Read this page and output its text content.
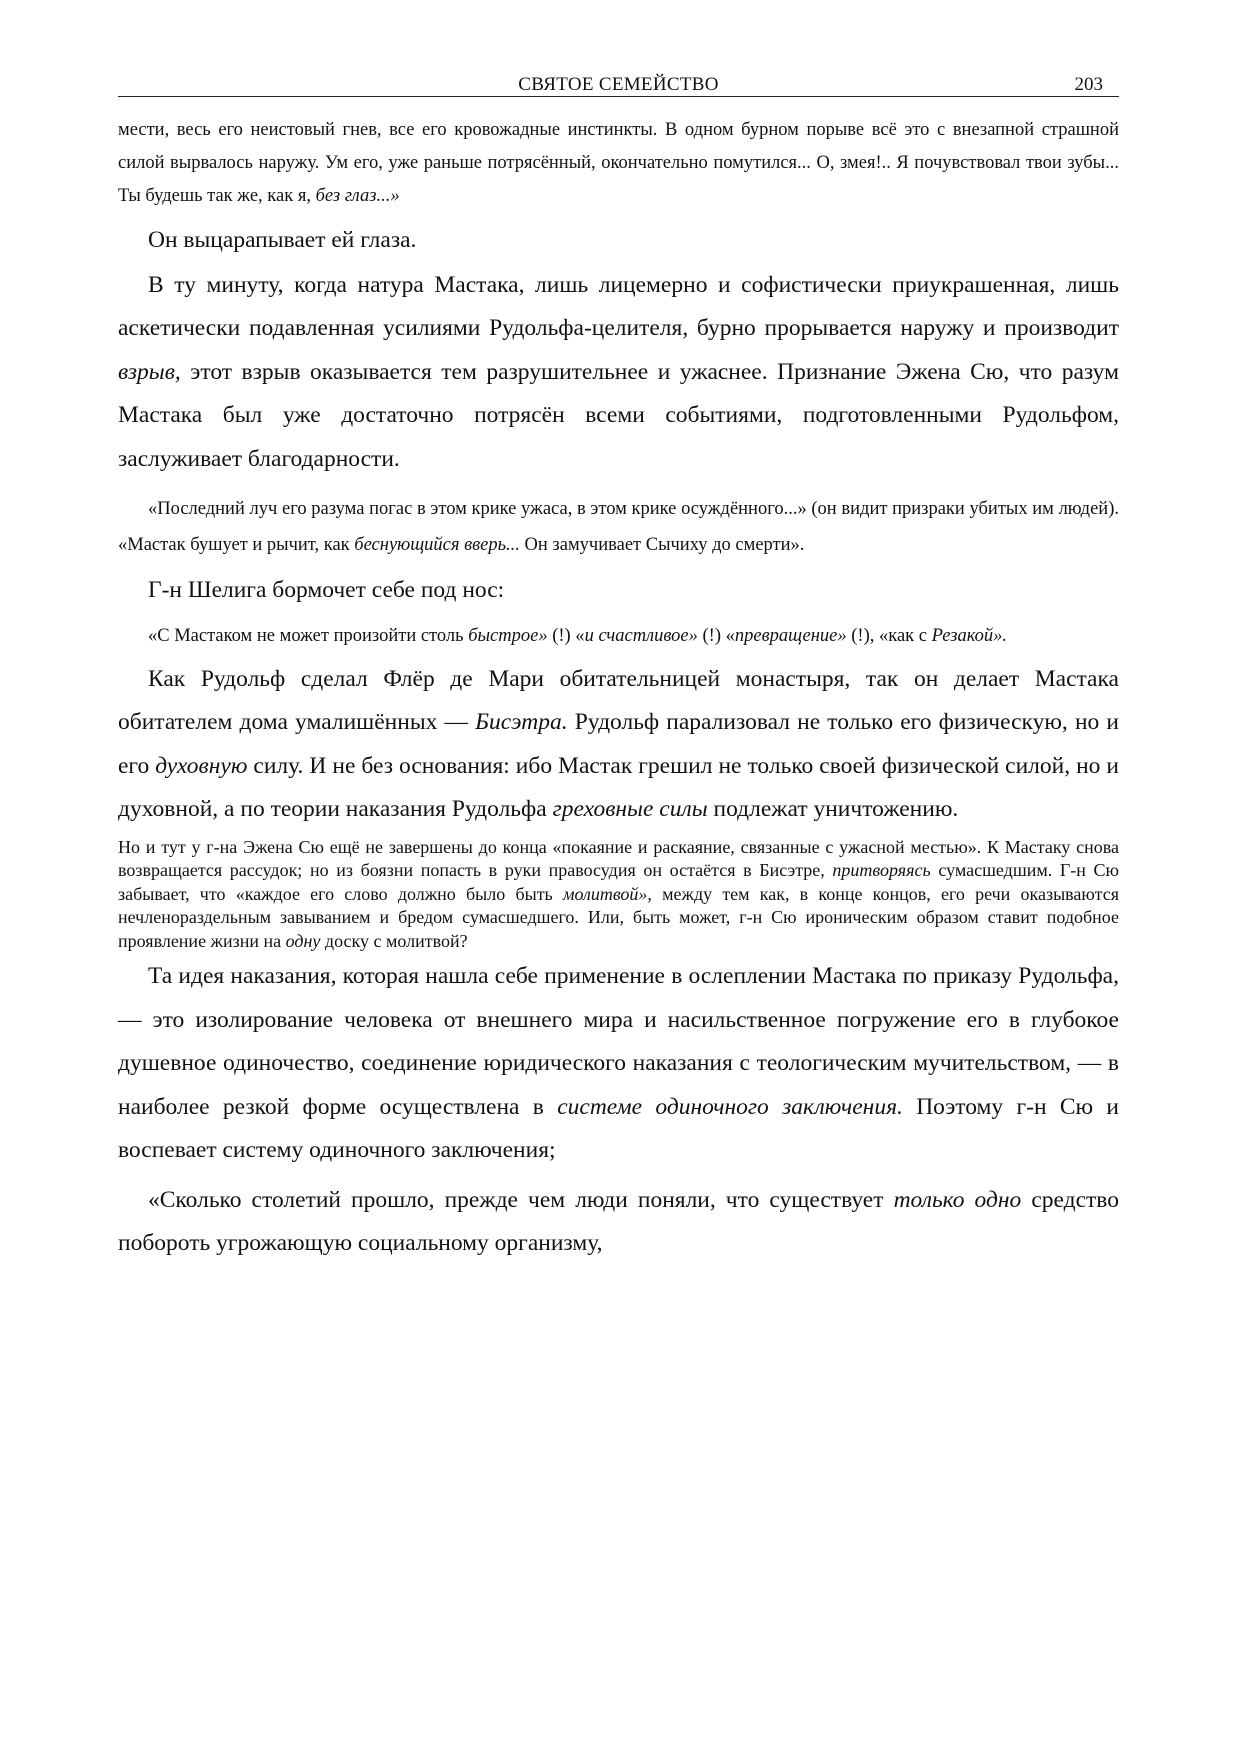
СВЯТОЕ СЕМЕЙСТВО	203

мести, весь его неистовый гнев, все его кровожадные инстинкты. В одном бурном порыве всё это с внезапной страшной силой вырвалось наружу. Ум его, уже раньше потрясённый, окончательно помутился... О, змея!.. Я почувствовал твои зубы... Ты будешь так же, как я, без глаз...»

Он выцарапывает ей глаза.

В ту минуту, когда натура Мастака, лишь лицемерно и софистически приукрашенная, лишь аскетически подавленная усилиями Рудольфа-целителя, бурно прорывается наружу и производит взрыв, этот взрыв оказывается тем разрушительнее и ужаснее. Признание Эжена Сю, что разум Мастака был уже достаточно потрясён всеми событиями, подготовленными Рудольфом, заслуживает благодарности.

«Последний луч его разума погас в этом крике ужаса, в этом крике осуждённого...» (он видит призраки убитых им людей). «Мастак бушует и рычит, как беснующийся вверь... Он замучивает Сычиху до смерти».

Г-н Шелига бормочет себе под нос:

«С Мастаком не может произойти столь быстрое» (!) «и счастливое» (!) «превращение» (!), «как с Резакой».

Как Рудольф сделал Флёр де Мари обитательницей монастыря, так он делает Мастака обитателем дома умалишённых — Бисэтра. Рудольф парализовал не только его физическую, но и его духовную силу. И не без основания: ибо Мастак грешил не только своей физической силой, но и духовной, а по теории наказания Рудольфа греховные силы подлежат уничтожению.

Но и тут у г-на Эжена Сю ещё не завершены до конца «покаяние и раскаяние, связанные с ужасной местью». К Мастаку снова возвращается рассудок; но из боязни попасть в руки правосудия он остаётся в Бисэтре, притворяясь сумасшедшим. Г-н Сю забывает, что «каждое его слово должно было быть молитвой», между тем как, в конце концов, его речи оказываются нечленораздельным завыванием и бредом сумасшедшего. Или, быть может, г-н Сю ироническим образом ставит подобное проявление жизни на одну доску с молитвой?

Та идея наказания, которая нашла себе применение в ослеплении Мастака по приказу Рудольфа, — это изолирование человека от внешнего мира и насильственное погружение его в глубокое душевное одиночество, соединение юридического наказания с теологическим мучительством, — в наиболее резкой форме осуществлена в системе одиночного заключения. Поэтому г-н Сю и воспевает систему одиночного заключения;

«Сколько столетий прошло, прежде чем люди поняли, что существует только одно средство побороть угрожающую социальному организму,
